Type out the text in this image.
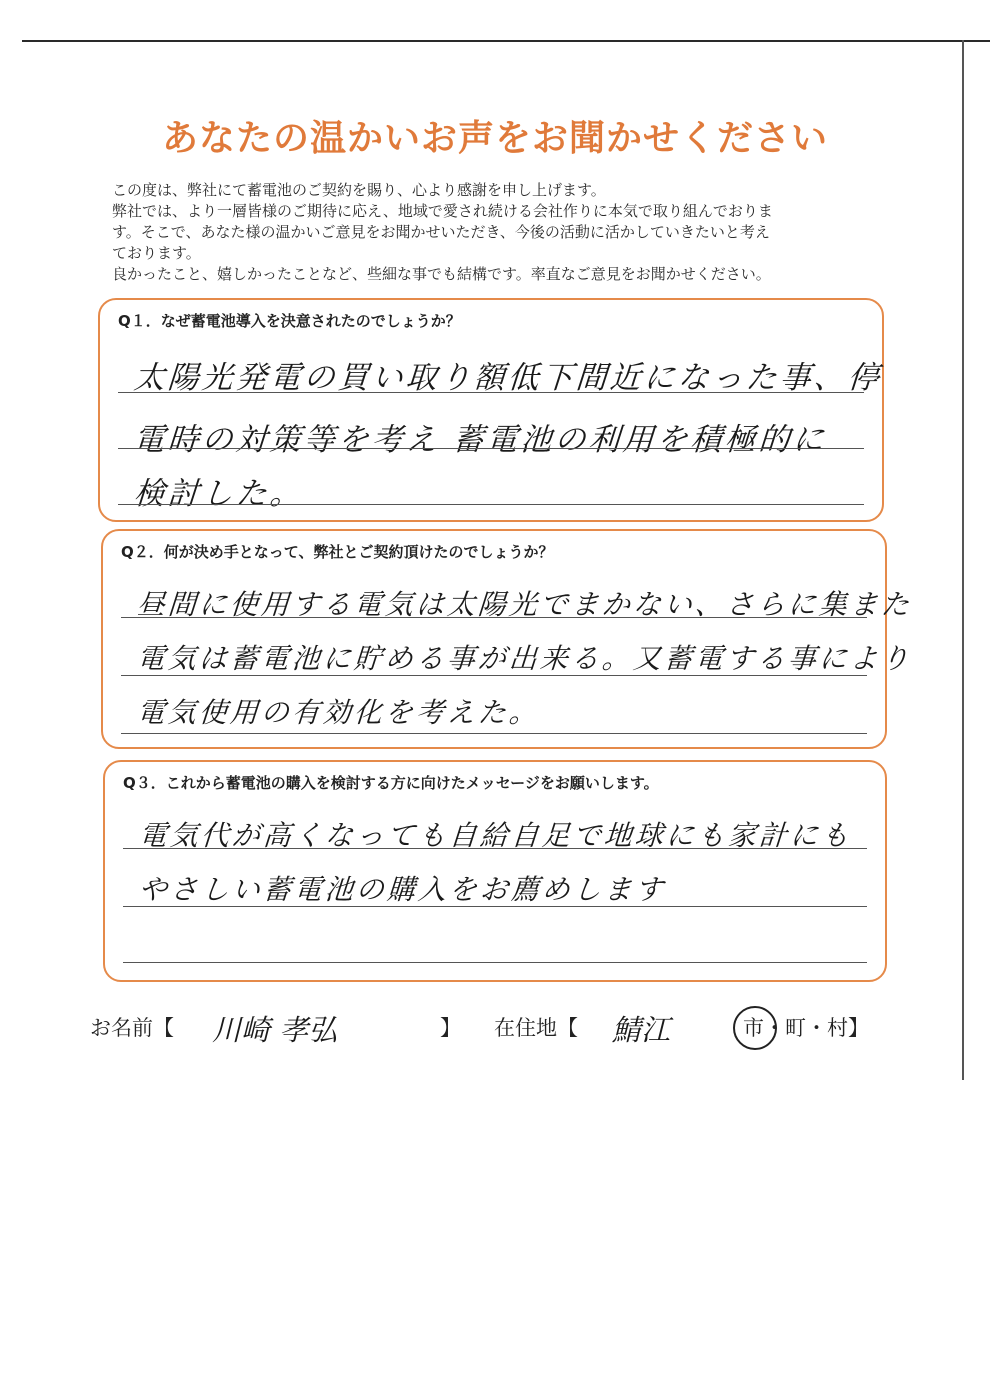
あなたの温かいお声をお聞かせください

この度は、弊社にて蓄電池のご契約を賜り、心より感謝を申し上げます。

弊社では、より一層皆様のご期待に応え、地域で愛され続ける会社作りに本気で取り組んでおりま

す。そこで、あなた様の温かいご意見をお聞かせいただき、今後の活動に活かしていきたいと考え

ております。

良かったこと、嬉しかったことなど、些細な事でも結構です。率直なご意見をお聞かせください。

Q１．なぜ蓄電池導入を決意されたのでしょうか？
太陽光発電の買い取り額低下間近になった事、停
電時の対策等を考え 蓄電池の利用を積極的に
検討した。
Q２．何が決め手となって、弊社とご契約頂けたのでしょうか？
昼間に使用する電気は太陽光でまかない、さらに集また
電気は蓄電池に貯める事が出来る。又蓄電する事により
電気使用の有効化を考えた。
Q３．これから蓄電池の購入を検討する方に向けたメッセージをお願いします。
電気代が高くなっても自給自足で地球にも家計にも
やさしい蓄電池の購入をお薦めします
お名前【 川崎 孝弘	】 在住地【 鯖江	市・町・村】
